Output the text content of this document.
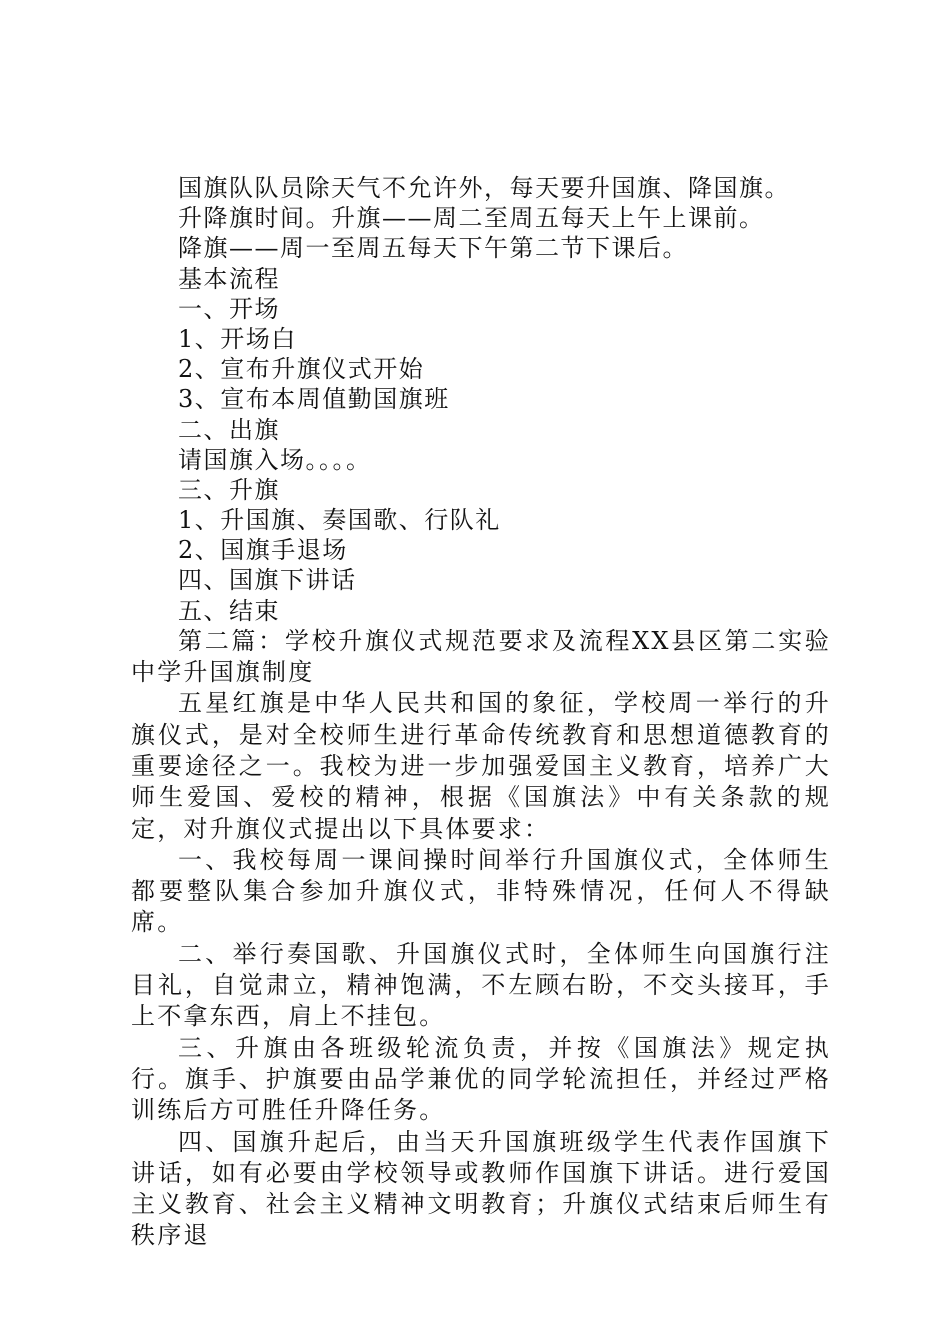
国旗队队员除天气不允许外，每天要升国旗、降国旗。
升降旗时间。升旗——周二至周五每天上午上课前。
降旗——周一至周五每天下午第二节下课后。
基本流程
一、开场
1、开场白
2、宣布升旗仪式开始
3、宣布本周值勤国旗班
二、出旗
请国旗入场。。。。
三、升旗
1、升国旗、奏国歌、行队礼
2、国旗手退场
四、国旗下讲话
五、结束

第二篇：学校升旗仪式规范要求及流程XX县区第二实验中学升国旗制度

五星红旗是中华人民共和国的象征，学校周一举行的升旗仪式，是对全校师生进行革命传统教育和思想道德教育的重要途径之一。我校为进一步加强爱国主义教育，培养广大师生爱国、爱校的精神，根据《国旗法》中有关条款的规定，对升旗仪式提出以下具体要求：

一、我校每周一课间操时间举行升国旗仪式，全体师生都要整队集合参加升旗仪式，非特殊情况，任何人不得缺席。

二、举行奏国歌、升国旗仪式时，全体师生向国旗行注目礼，自觉肃立，精神饱满，不左顾右盼，不交头接耳，手上不拿东西，肩上不挂包。

三、升旗由各班级轮流负责，并按《国旗法》规定执行。旗手、护旗要由品学兼优的同学轮流担任，并经过严格训练后方可胜任升降任务。

四、国旗升起后，由当天升国旗班级学生代表作国旗下讲话，如有必要由学校领导或教师作国旗下讲话。进行爱国主义教育、社会主义精神文明教育；升旗仪式结束后师生有秩序退
